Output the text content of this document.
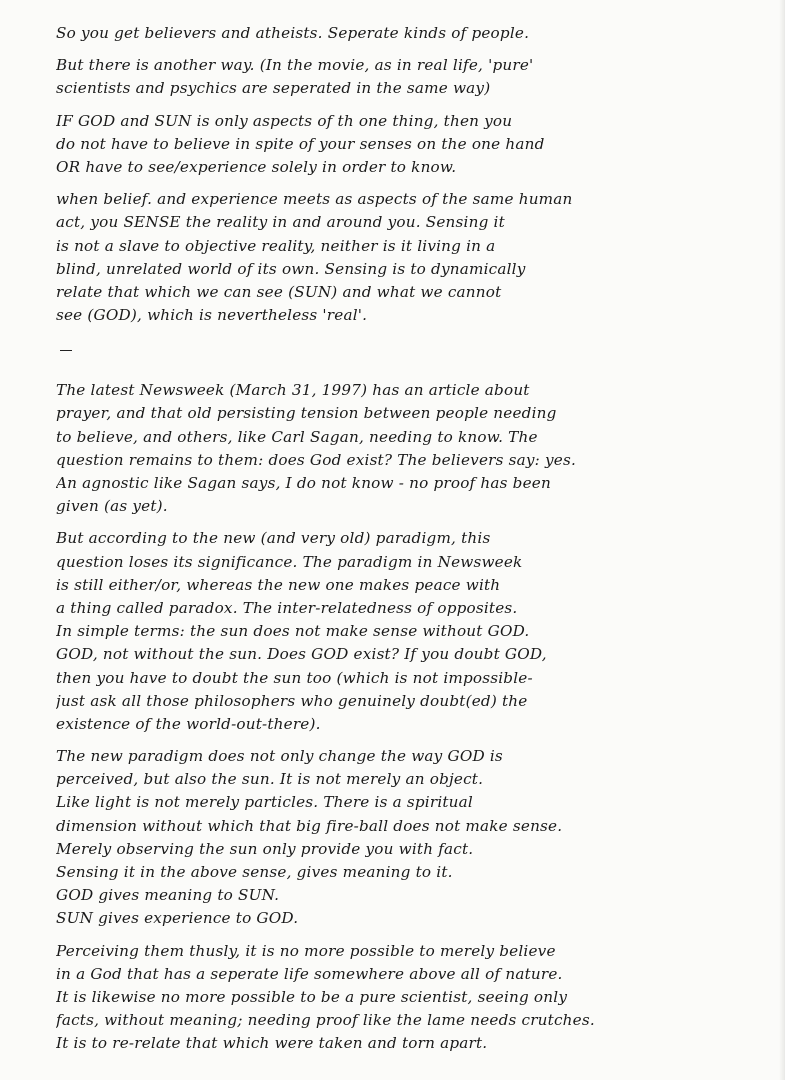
So you get believers and atheists. Seperate kinds of people.
But there is another way. (In the movie, as in real life, 'pure'
scientists and psychics are seperated in the same way)
IF GOD and SUN is only aspects of th one thing, then you
do not have to believe in spite of your senses on the one hand
OR have to see/experience solely in order to know.
when belief. and experience meets as aspects of the same human
act, you SENSE the reality in and around you. Sensing it
is not a slave to objective reality, neither is it living in a
blind, unrelated world of its own. Sensing is to dynamically
relate that which we can see (SUN) and what we cannot
see (GOD), which is nevertheless 'real'.
The latest Newsweek (March 31, 1997) has an article about
prayer, and that old persisting tension between people needing
to believe, and others, like Carl Sagan, needing to know. The
question remains to them: does God exist? The believers say: yes.
An agnostic like Sagan says, I do not know - no proof has been
given (as yet).
But according to the new (and very old) paradigm, this
question loses its significance. The paradigm in Newsweek
is still either/or, whereas the new one makes peace with
a thing called paradox. The inter-relatedness of opposites.
In simple terms: the sun does not make sense without GOD.
GOD, not without the sun. Does GOD exist? If you doubt GOD,
then you have to doubt the sun too (which is not impossible-
just ask all those philosophers who genuinely doubt(ed) the
existence of the world-out-there).
The new paradigm does not only change the way GOD is
perceived, but also the sun. It is not merely an object.
Like light is not merely particles. There is a spiritual
dimension without which that big fire-ball does not make sense.
Merely observing the sun only provide you with fact.
Sensing it in the above sense, gives meaning to it.
GOD gives meaning to SUN.
SUN gives experience to GOD.
Perceiving them thusly, it is no more possible to merely believe
in a God that has a seperate life somewhere above all of nature.
It is likewise no more possible to be a pure scientist, seeing only
facts, without meaning; needing proof like the lame needs crutches.
It is to re-relate that which were taken and torn apart.
